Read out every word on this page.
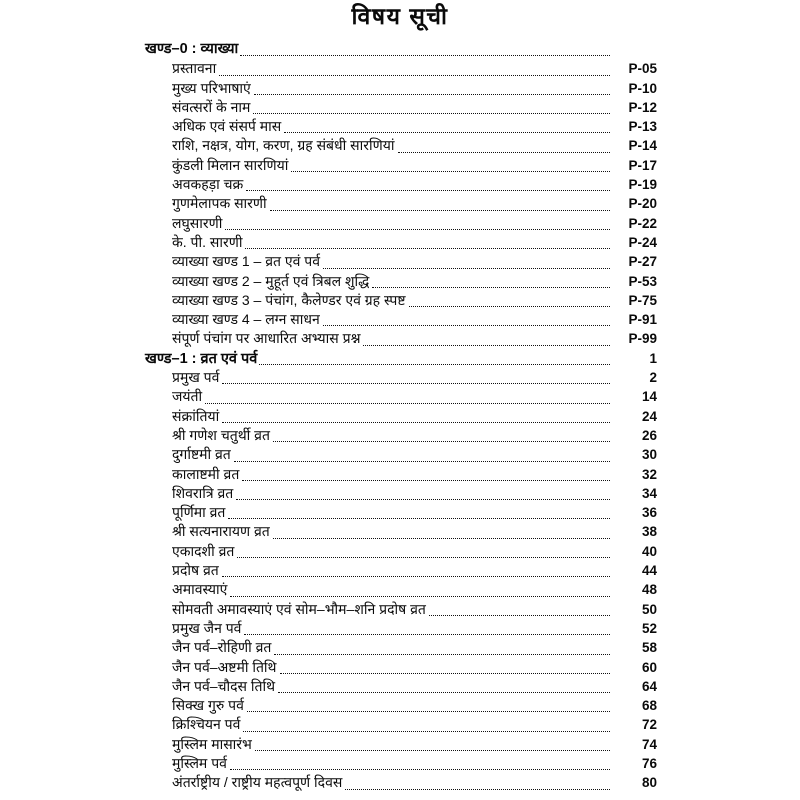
विषय सूची
खण्ड–0 : व्याख्या
प्रस्तावना	P-05
मुख्य परिभाषाएं	P-10
संवत्सरों के नाम	P-12
अधिक एवं संसर्प मास	P-13
राशि, नक्षत्र, योग, करण, ग्रह संबंधी सारणियां	P-14
कुंडली मिलान सारणियां	P-17
अवकहड़ा चक्र	P-19
गुणमेलापक सारणी	P-20
लघुसारणी	P-22
के. पी. सारणी	P-24
व्याख्या खण्ड 1 – व्रत एवं पर्व	P-27
व्याख्या खण्ड 2 – मुहूर्त एवं त्रिबल शुद्धि	P-53
व्याख्या खण्ड 3 – पंचांग, कैलेण्डर एवं ग्रह स्पष्ट	P-75
व्याख्या खण्ड 4 – लग्न साधन	P-91
संपूर्ण पंचांग पर आधारित अभ्यास प्रश्न	P-99
खण्ड–1 : व्रत एवं पर्व	1
प्रमुख पर्व	2
जयंती	14
संक्रांतियां	24
श्री गणेश चतुर्थी व्रत	26
दुर्गाष्टमी व्रत	30
कालाष्टमी व्रत	32
शिवरात्रि व्रत	34
पूर्णिमा व्रत	36
श्री सत्यनारायण व्रत	38
एकादशी व्रत	40
प्रदोष व्रत	44
अमावस्याएं	48
सोमवती अमावस्याएं एवं सोम–भौम–शनि प्रदोष व्रत	50
प्रमुख जैन पर्व	52
जैन पर्व–रोहिणी व्रत	58
जैन पर्व–अष्टमी तिथि	60
जैन पर्व–चौदस तिथि	64
सिक्ख गुरु पर्व	68
क्रिश्चियन पर्व	72
मुस्लिम मासारंभ	74
मुस्लिम पर्व	76
अंतर्राष्ट्रीय / राष्ट्रीय महत्वपूर्ण दिवस	80
